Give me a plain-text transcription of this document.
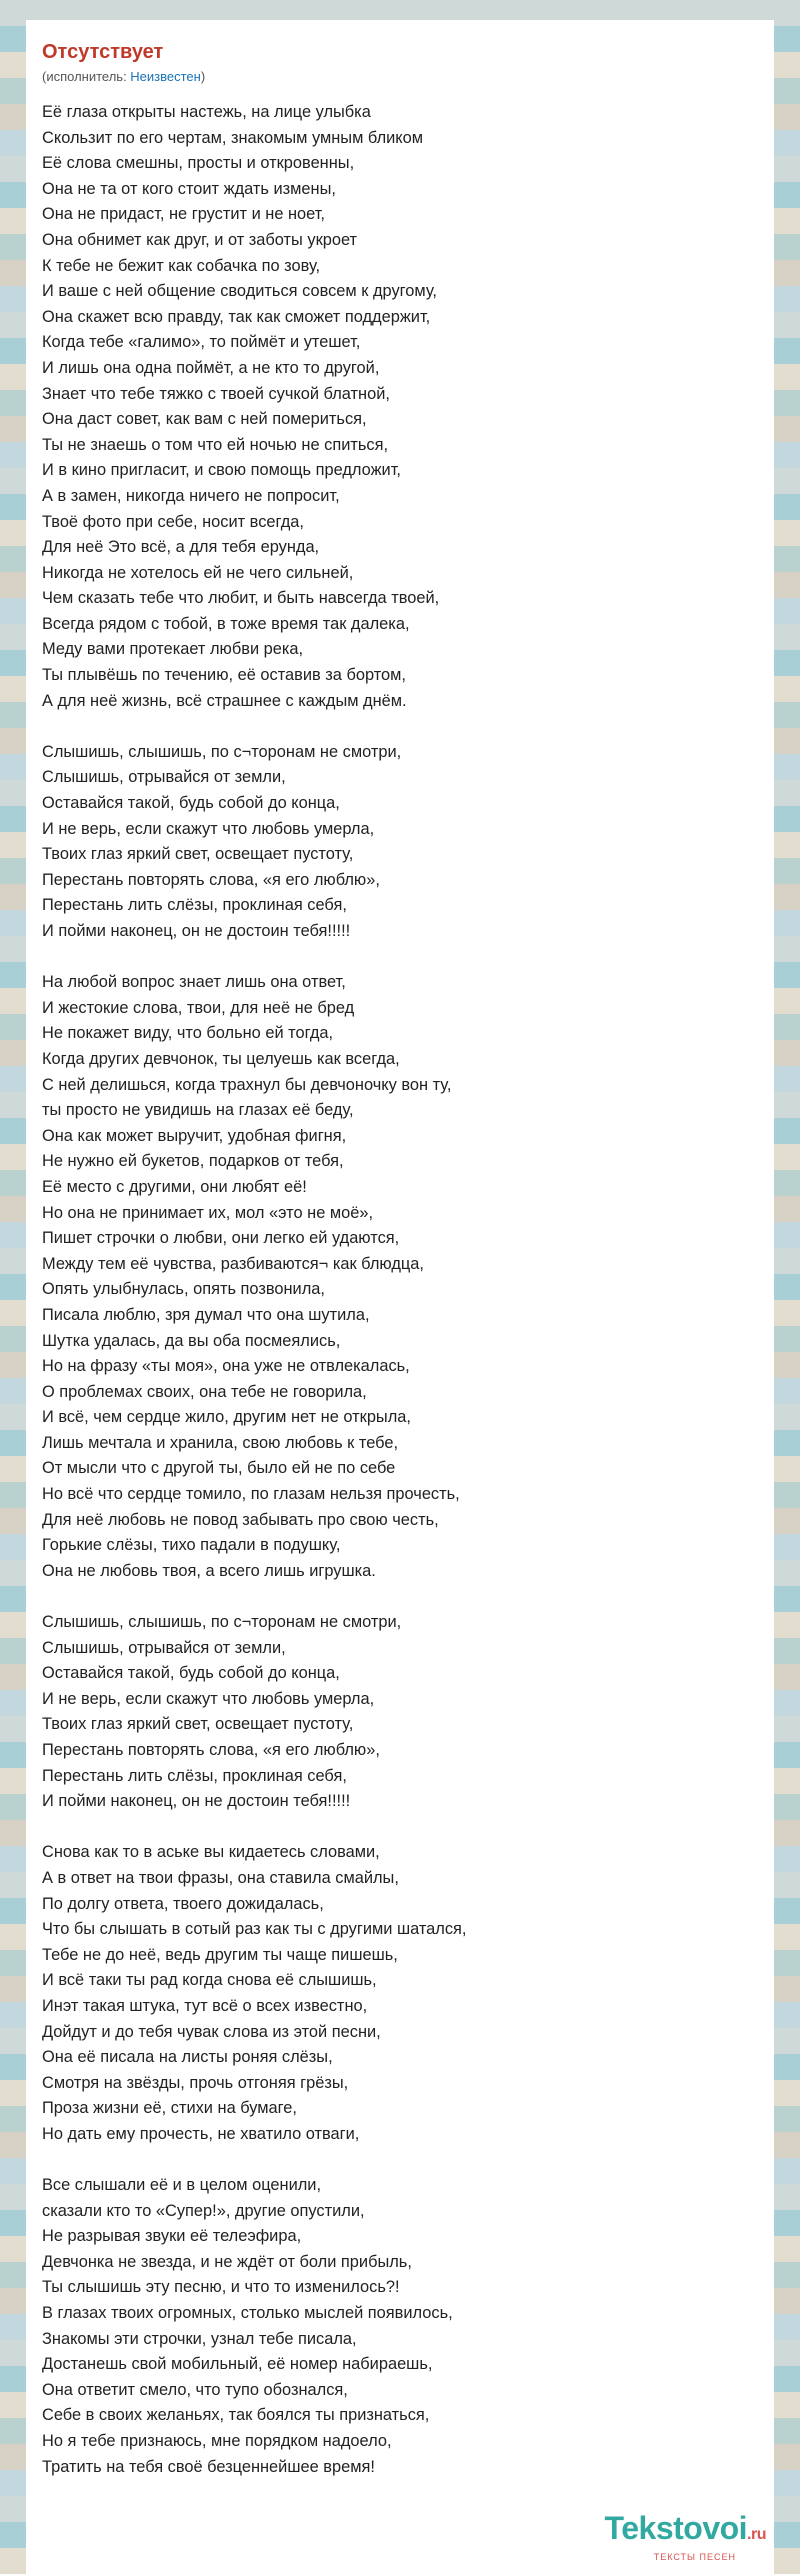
Отсутствует
(исполнитель: Неизвестен)
Её глаза открыты настежь, на лице улыбка
Скользит по его чертам, знакомым умным бликом
Её слова смешны, просты и откровенны,
Она не та от кого стоит ждать измены,
Она не придаст, не грустит и не ноет,
Она обнимет как друг, и от заботы укроет
К тебе не бежит как собачка по зову,
И ваше с ней общение сводиться совсем к другому,
Она скажет всю правду, так как сможет поддержит,
Когда тебе «галимо», то поймёт и утешет,
И лишь она одна поймёт, а не кто то другой,
Знает что тебе тяжко с твоей сучкой блатной,
Она даст совет, как вам с ней помериться,
Ты не знаешь о том что ей ночью не спиться,
И в кино пригласит, и свою помощь предложит,
А в замен, никогда ничего не попросит,
Твоё фото при себе, носит всегда,
Для неё Это всё, а для тебя ерунда,
Никогда не хотелось ей не чего сильней,
Чем сказать тебе что любит, и быть навсегда твоей,
Всегда рядом с тобой, в тоже время так далека,
Меду вами протекает любви река,
Ты плывёшь по течению, её оставив за бортом,
А для неё жизнь, всё страшнее с каждым днём.
Слышишь, слышишь, по с¬торонам не смотри,
Слышишь, отрывайся от земли,
Оставайся такой, будь собой до конца,
И не верь, если скажут что любовь умерла,
Твоих глаз яркий свет, освещает пустоту,
Перестань повторять слова, «я его люблю»,
Перестань лить слёзы, проклиная себя,
И пойми наконец, он не достоин тебя!!!!!
На любой вопрос знает лишь она ответ,
И жестокие слова, твои, для неё не бред
Не покажет виду, что больно ей тогда,
Когда других девчонок, ты целуешь как всегда,
С ней делишься, когда трахнул бы девчоночку вон ту,
ты просто не увидишь на глазах её беду,
Она как может выручит, удобная фигня,
Не нужно ей букетов, подарков от тебя,
Её место с другими, они любят её!
Но она не принимает их, мол «это не моё»,
Пишет строчки о любви, они легко ей удаются,
Между тем её чувства, разбиваются¬ как блюдца,
Опять улыбнулась, опять позвонила,
Писала люблю, зря думал что она шутила,
Шутка удалась, да вы оба посмеялись,
Но на фразу «ты моя», она уже не отвлекалась,
О проблемах своих, она тебе не говорила,
И всё, чем сердце жило, другим нет не открыла,
Лишь мечтала и хранила, свою любовь к тебе,
От мысли что с другой ты, было ей не по себе
Но всё что сердце томило, по глазам нельзя прочесть,
Для неё любовь не повод забывать про свою честь,
Горькие слёзы, тихо падали в подушку,
Она не любовь твоя, а всего лишь игрушка.
Слышишь, слышишь, по с¬торонам не смотри,
Слышишь, отрывайся от земли,
Оставайся такой, будь собой до конца,
И не верь, если скажут что любовь умерла,
Твоих глаз яркий свет, освещает пустоту,
Перестань повторять слова, «я его люблю»,
Перестань лить слёзы, проклиная себя,
И пойми наконец, он не достоин тебя!!!!!
Снова как то в аське вы кидаетесь словами,
А в ответ на твои фразы, она ставила смайлы,
По долгу ответа, твоего дожидалась,
Что бы слышать в сотый раз как ты с другими шатался,
Тебе не до неё, ведь другим ты чаще пишешь,
И всё таки ты рад когда снова её слышишь,
Инэт такая штука, тут всё о всех известно,
Дойдут и до тебя чувак слова из этой песни,
Она её писала на листы роняя слёзы,
Смотря на звёзды, прочь отгоняя грёзы,
Проза жизни её, стихи на бумаге,
Но дать ему прочесть, не хватило отваги,
Все слышали её и в целом оценили,
сказали кто то «Супер!», другие опустили,
Не разрывая звуки её телеэфира,
Девчонка не звезда, и не ждёт от боли прибыль,
Ты слышишь эту песню, и что то изменилось?!
В глазах твоих огромных, столько мыслей появилось,
Знакомы эти строчки, узнал тебе писала,
Достанешь свой мобильный, её номер набираешь,
Она ответит смело, что тупо обознался,
Себе в своих желаньях, так боялся ты признаться,
Но я тебе признаюсь, мне порядком надоело,
Тратить на тебя своё безценнейшее время!
Tekstovoi.ru
ТЕКСТЫ ПЕСЕН
